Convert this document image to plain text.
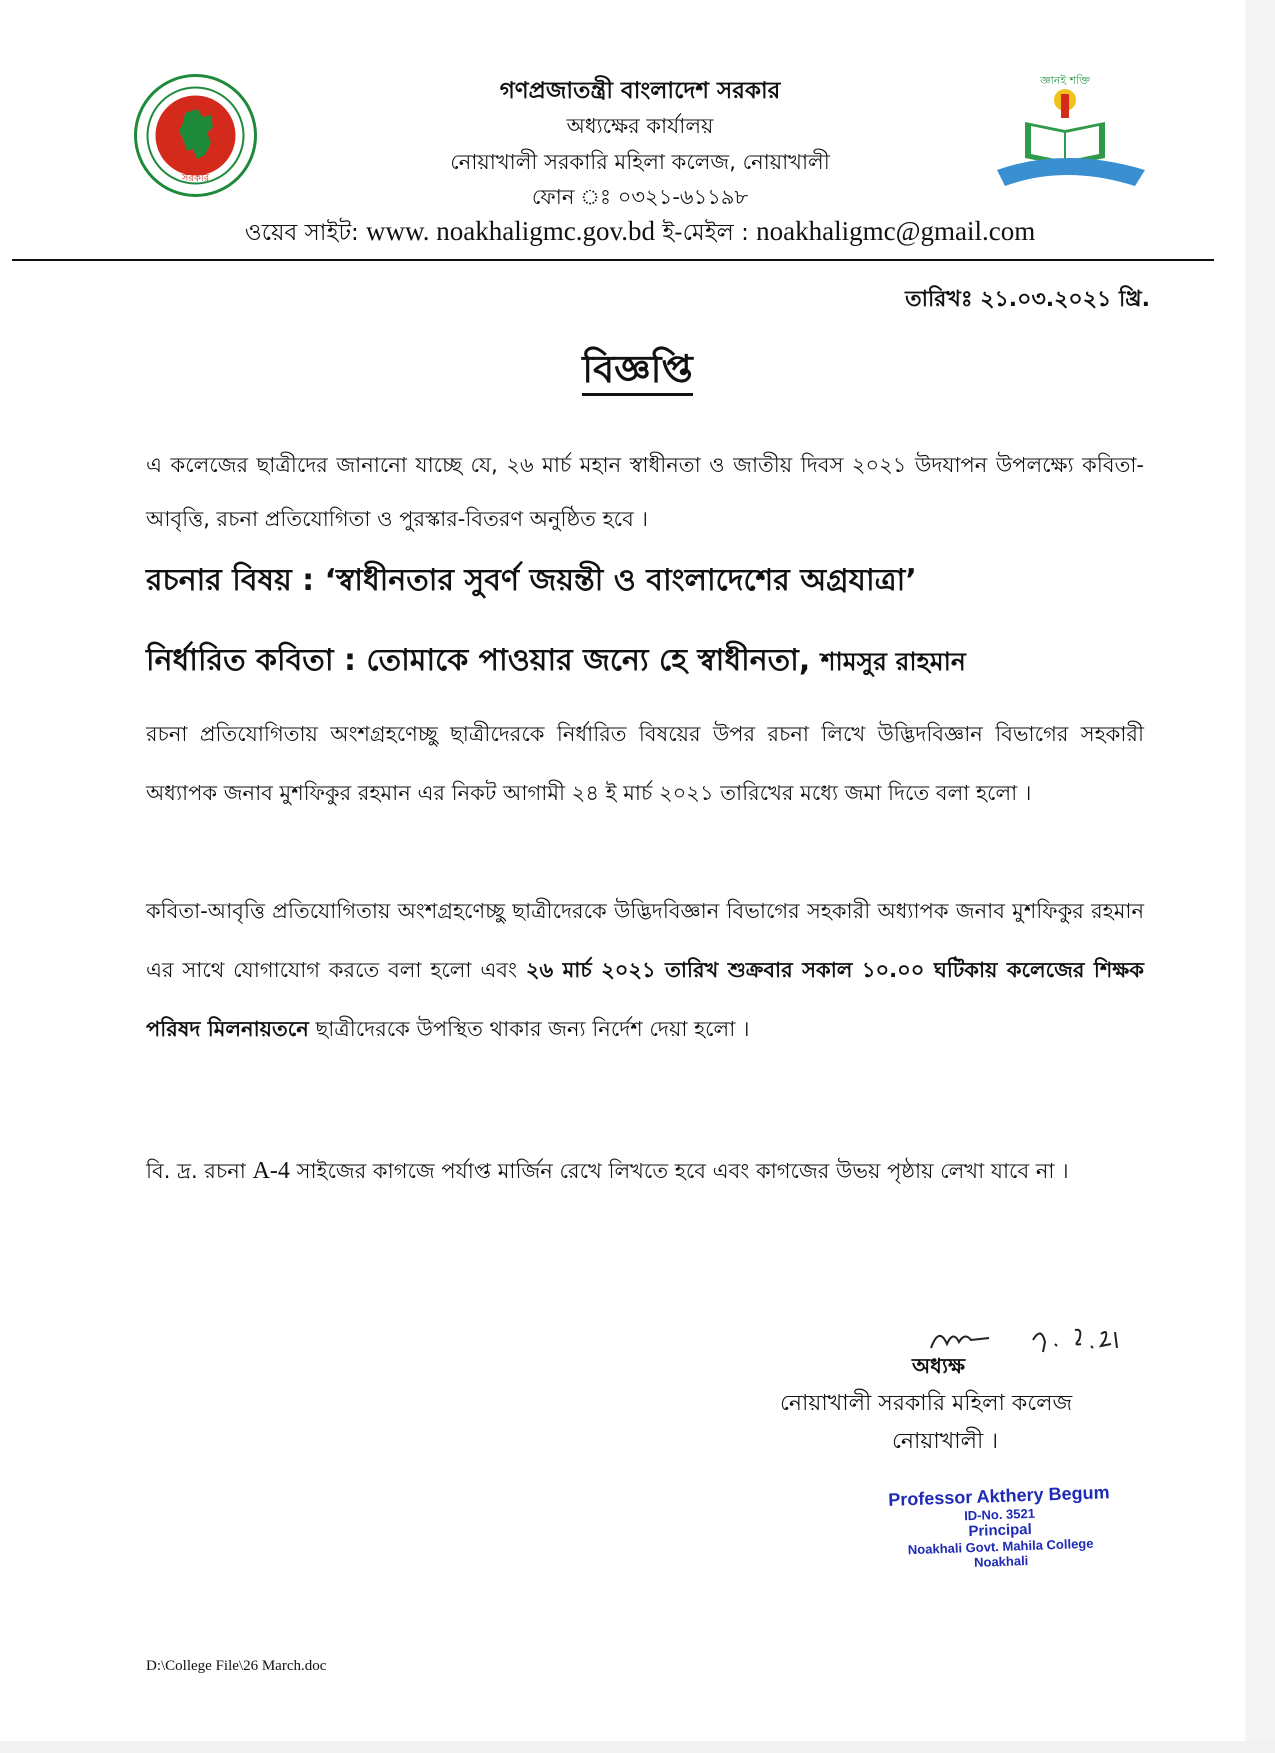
সরকার
জ্ঞানই শক্তি
গণপ্রজাতন্ত্রী বাংলাদেশ সরকার
অধ্যক্ষের কার্যালয়
নোয়াখালী সরকারি মহিলা কলেজ, নোয়াখালী
ফোন ঃ ০৩২১-৬১১৯৮
ওয়েব সাইট: www. noakhaligmc.gov.bd ই-মেইল : noakhaligmc@gmail.com
তারিখঃ ২১.০৩.২০২১ খ্রি.
বিজ্ঞপ্তি
এ কলেজের ছাত্রীদের জানানো যাচ্ছে যে, ২৬ মার্চ মহান স্বাধীনতা ও জাতীয় দিবস ২০২১ উদযাপন উপলক্ষ্যে কবিতা-আবৃত্তি, রচনা প্রতিযোগিতা ও পুরস্কার-বিতরণ অনুষ্ঠিত হবে ।
রচনার বিষয় : ‘স্বাধীনতার সুবর্ণ জয়ন্তী ও বাংলাদেশের অগ্রযাত্রা’
নির্ধারিত কবিতা : তোমাকে পাওয়ার জন্যে হে স্বাধীনতা, শামসুর রাহমান
রচনা প্রতিযোগিতায় অংশগ্রহণেচ্ছু ছাত্রীদেরকে নির্ধারিত বিষয়ের উপর রচনা লিখে উদ্ভিদবিজ্ঞান বিভাগের সহকারী অধ্যাপক জনাব মুশফিকুর রহমান এর নিকট আগামী ২৪ ই মার্চ ২০২১ তারিখের মধ্যে জমা দিতে বলা হলো ।
কবিতা-আবৃত্তি প্রতিযোগিতায় অংশগ্রহণেচ্ছু ছাত্রীদেরকে উদ্ভিদবিজ্ঞান বিভাগের সহকারী অধ্যাপক জনাব মুশফিকুর রহমান এর সাথে যোগাযোগ করতে বলা হলো এবং ২৬ মার্চ ২০২১ তারিখ শুক্রবার সকাল ১০.০০ ঘটিকায় কলেজের শিক্ষক পরিষদ মিলনায়তনে ছাত্রীদেরকে উপস্থিত থাকার জন্য নির্দেশ দেয়া হলো ।
বি. দ্র. রচনা A-4 সাইজের কাগজে পর্যাপ্ত মার্জিন রেখে লিখতে হবে এবং কাগজের উভয় পৃষ্ঠায় লেখা যাবে না ।
অধ্যক্ষ
নোয়াখালী সরকারি মহিলা কলেজ
নোয়াখালী ।
Professor Akthery Begum
ID-No. 3521
Principal
Noakhali Govt. Mahila College
Noakhali
D:\College File\26 March.doc
